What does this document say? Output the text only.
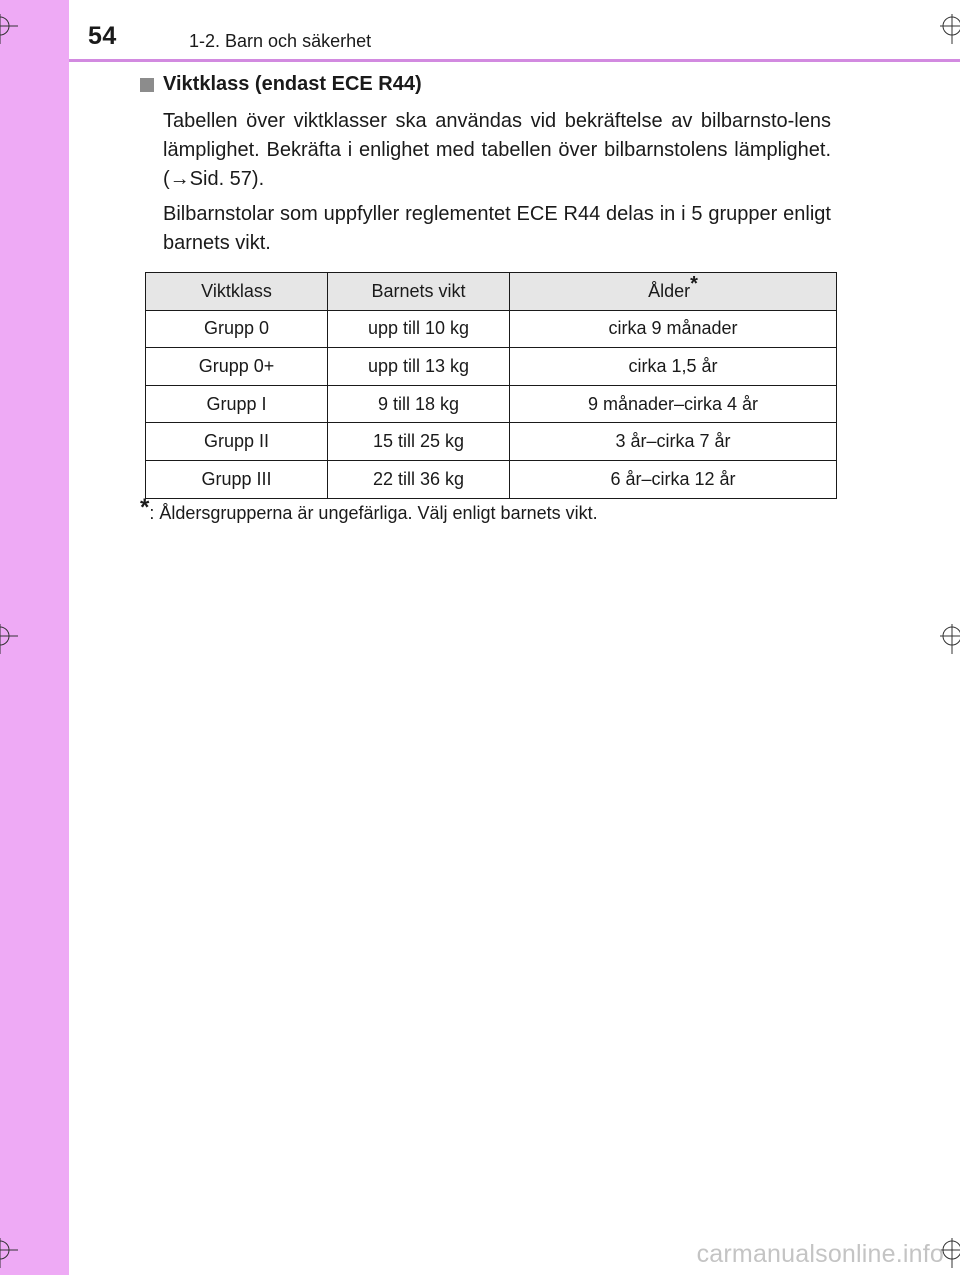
54	1-2. Barn och säkerhet
Viktklass (endast ECE R44)
Tabellen över viktklasser ska användas vid bekräftelse av bilbarnsto-lens lämplighet. Bekräfta i enlighet med tabellen över bilbarnstolens lämplighet. (→Sid. 57).
Bilbarnstolar som uppfyller reglementet ECE R44 delas in i 5 grupper enligt barnets vikt.
Viktklass	Barnets vikt	Ålder*
Grupp 0	upp till 10 kg	cirka 9 månader
Grupp 0+	upp till 13 kg	cirka 1,5 år
Grupp I	9 till 18 kg	9 månader–cirka 4 år
Grupp II	15 till 25 kg	3 år–cirka 7 år
Grupp III	22 till 36 kg	6 år–cirka 12 år
*: Åldersgrupperna är ungefärliga. Välj enligt barnets vikt.
carmanualsonline.info
